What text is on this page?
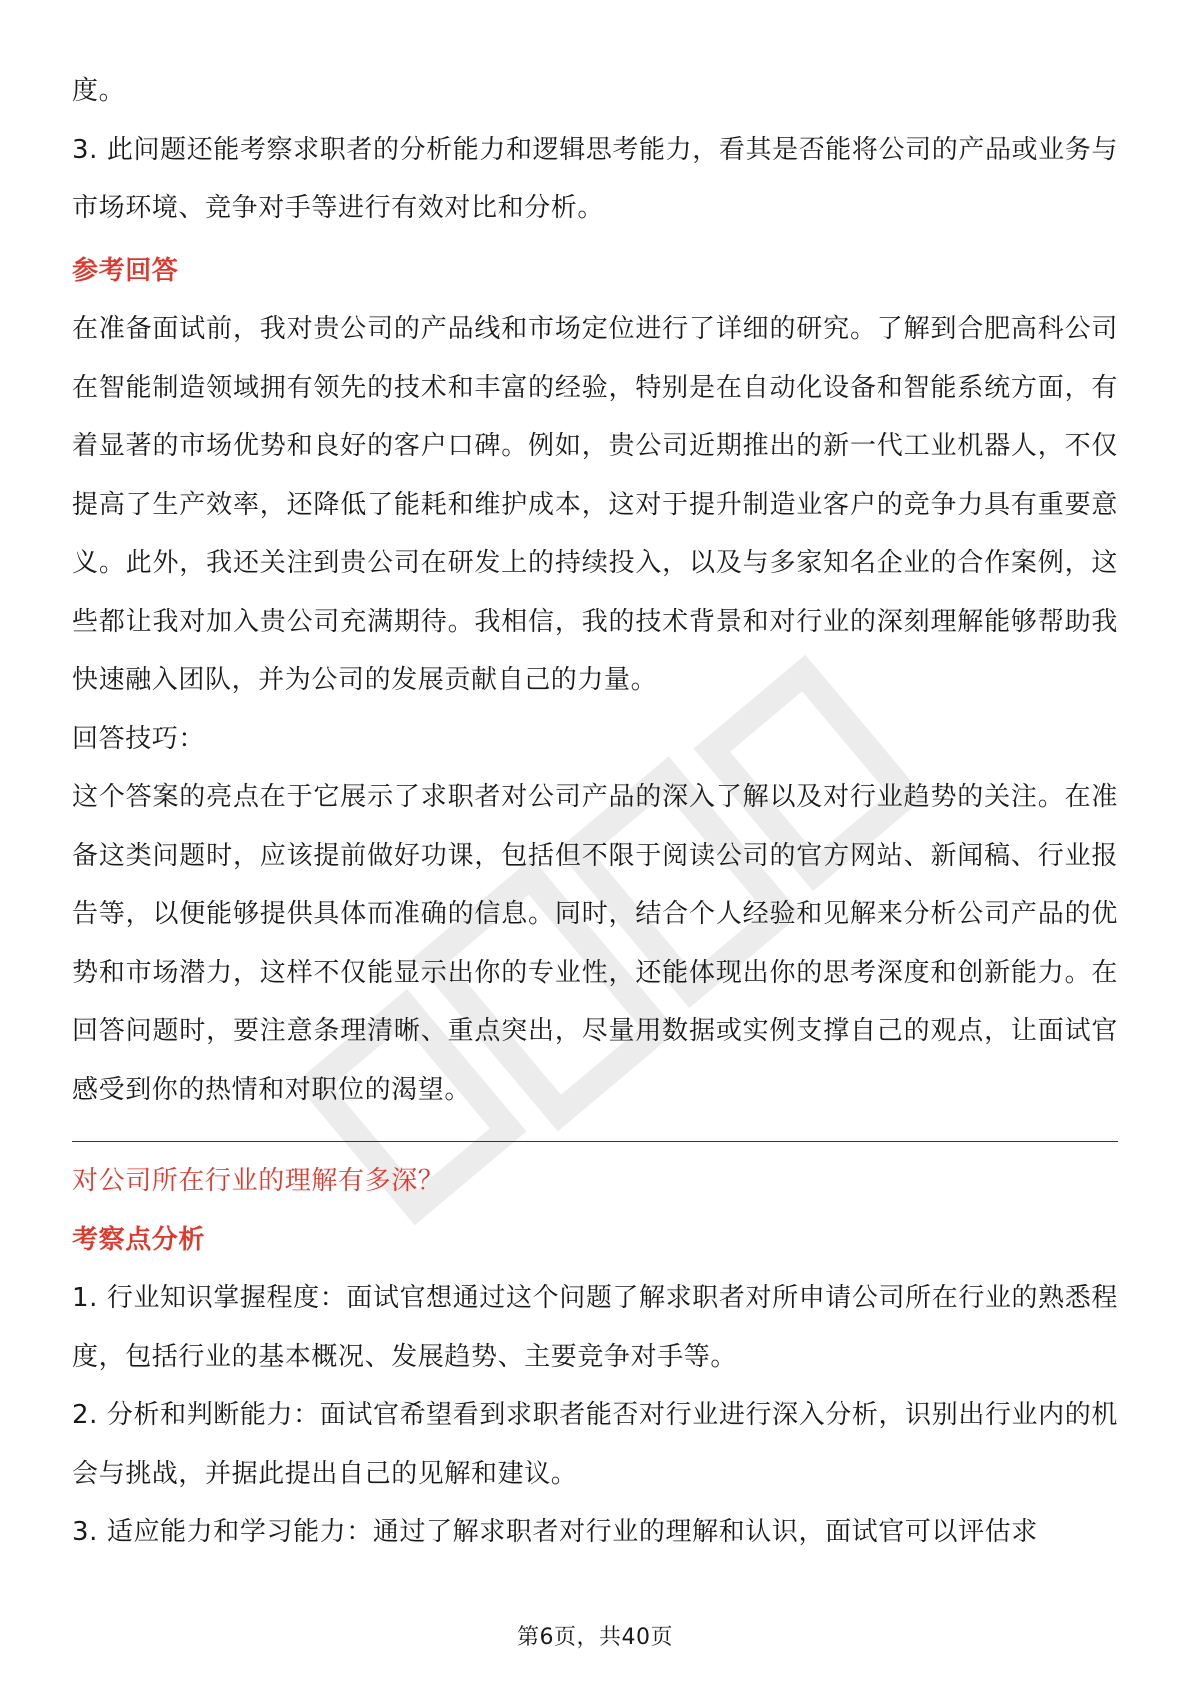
度。

3. 此问题还能考察求职者的分析能力和逻辑思考能力，看其是否能将公司的产品或业务与市场环境、竞争对手等进行有效对比和分析。

参考回答

在准备面试前，我对贵公司的产品线和市场定位进行了详细的研究。了解到合肥高科公司在智能制造领域拥有领先的技术和丰富的经验，特别是在自动化设备和智能系统方面，有着显著的市场优势和良好的客户口碑。例如，贵公司近期推出的新一代工业机器人，不仅提高了生产效率，还降低了能耗和维护成本，这对于提升制造业客户的竞争力具有重要意义。此外，我还关注到贵公司在研发上的持续投入，以及与多家知名企业的合作案例，这些都让我对加入贵公司充满期待。我相信，我的技术背景和对行业的深刻理解能够帮助我快速融入团队，并为公司的发展贡献自己的力量。

回答技巧：

这个答案的亮点在于它展示了求职者对公司产品的深入了解以及对行业趋势的关注。在准备这类问题时，应该提前做好功课，包括但不限于阅读公司的官方网站、新闻稿、行业报告等，以便能够提供具体而准确的信息。同时，结合个人经验和见解来分析公司产品的优势和市场潜力，这样不仅能显示出你的专业性，还能体现出你的思考深度和创新能力。在回答问题时，要注意条理清晰、重点突出，尽量用数据或实例支撑自己的观点，让面试官感受到你的热情和对职位的渴望。

对公司所在行业的理解有多深？

考察点分析

1. 行业知识掌握程度：面试官想通过这个问题了解求职者对所申请公司所在行业的熟悉程度，包括行业的基本概况、发展趋势、主要竞争对手等。

2. 分析和判断能力：面试官希望看到求职者能否对行业进行深入分析，识别出行业内的机会与挑战，并据此提出自己的见解和建议。

3. 适应能力和学习能力：通过了解求职者对行业的理解和认识，面试官可以评估求

第6页，共40页
